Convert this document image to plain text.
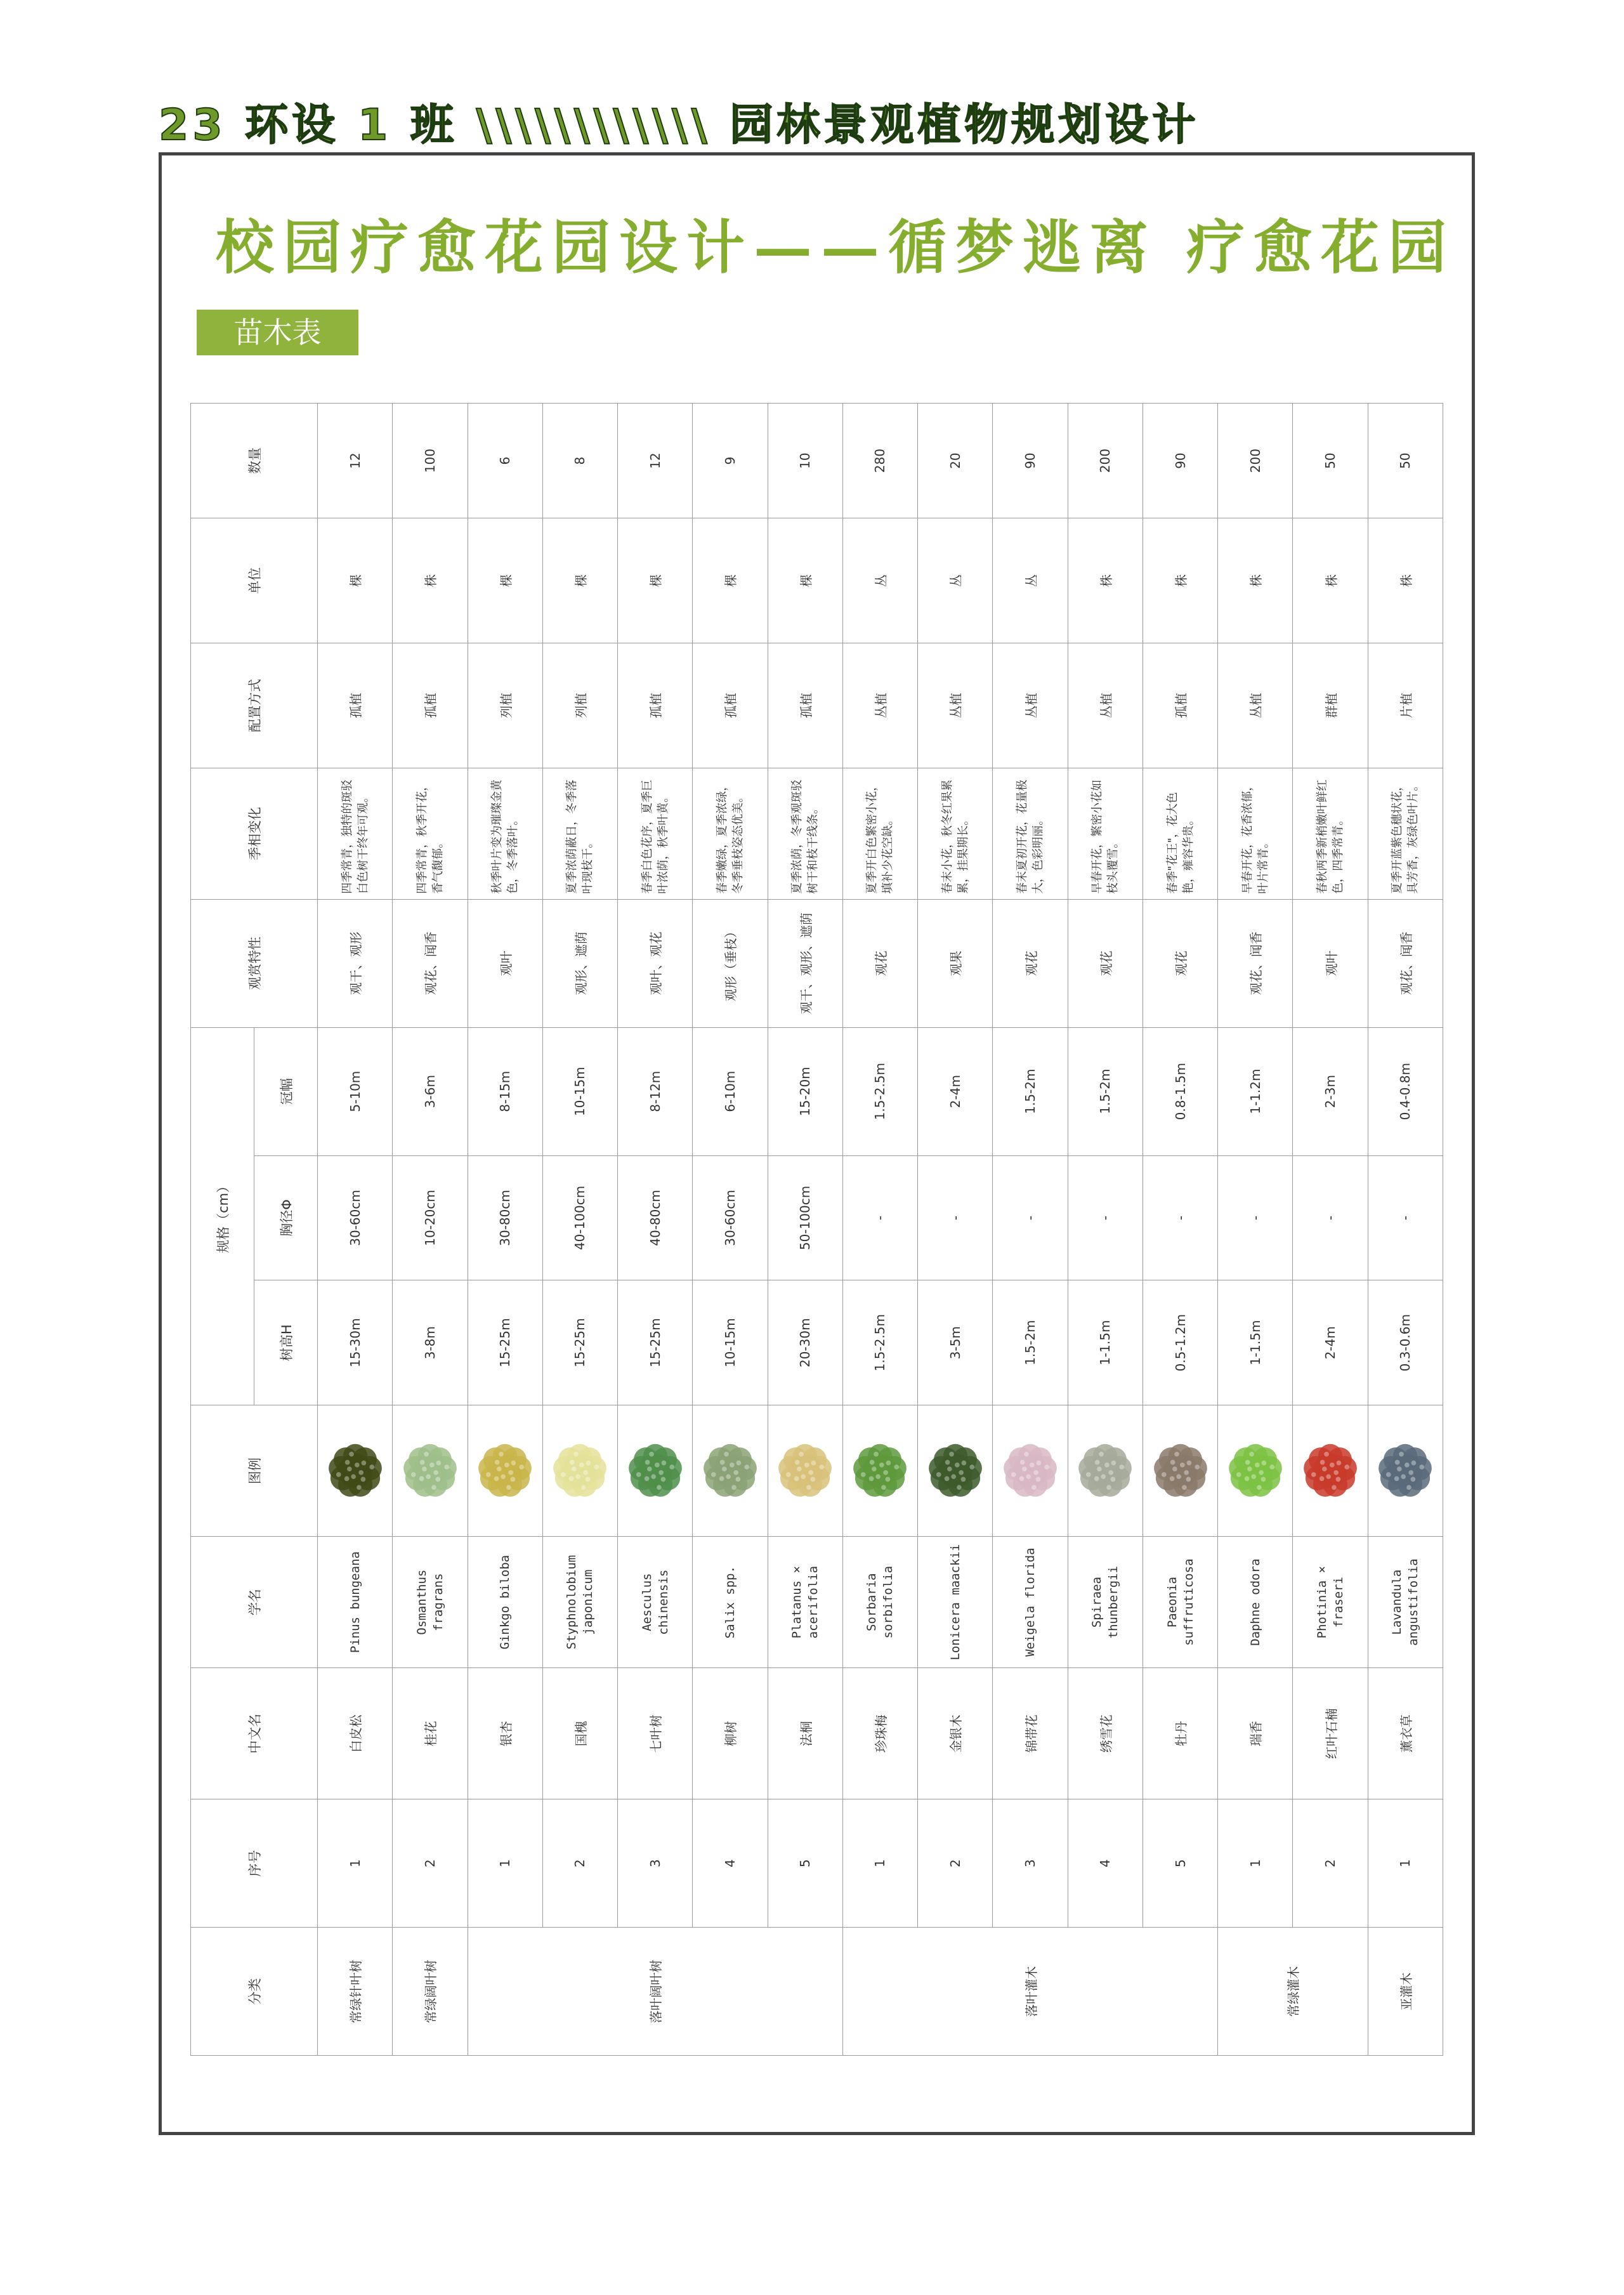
23 环设 1 班 \\\\\\\\\\\\ 园林景观植物规划设计
校园疗愈花园设计——循梦逃离 疗愈花园
苗木表
分类	序号	中文名	学名	图例	规格（cm）			观赏特性	季相变化	配置方式	单位	数量
					树高H	胸径Φ	冠幅					
常绿针叶树	1	白皮松	Pinus bungeana		15-30m	30-60cm	5-10m	观干、观形	四季常青，独特的斑驳白色树干终年可观。	孤植	棵	12
常绿阔叶树	2	桂花	Osmanthus fragrans		3-8m	10-20cm	3-6m	观花、闻香	四季常青，秋季开花，香气馥郁。	孤植	株	100
落叶阔叶树	1	银杏	Ginkgo biloba		15-25m	30-80cm	8-15m	观叶	秋季叶片变为璀璨金黄色，冬季落叶。	列植	棵	6
	2	国槐	Styphnolobium japonicum		15-25m	40-100cm	10-15m	观形、遮荫	夏季浓荫蔽日，冬季落叶现枝干。	列植	棵	8
	3	七叶树	Aesculus chinensis		15-25m	40-80cm	8-12m	观叶、观花	春季白色花序，夏季巨叶浓荫，秋季叶黄。	孤植	棵	12
	4	柳树	Salix spp.		10-15m	30-60cm	6-10m	观形（垂枝）	春季嫩绿，夏季浓绿，冬季垂枝姿态优美。	孤植	棵	9
	5	法桐	Platanus × acerifolia		20-30m	50-100cm	15-20m	观干、观形、遮荫	夏季浓荫，冬季观斑驳树干和枝干线条。	孤植	棵	10
落叶灌木	1	珍珠梅	Sorbaria sorbifolia		1.5-2.5m	-	1.5-2.5m	观花	夏季开白色繁密小花，填补少花空缺。	丛植	丛	280
	2	金银木	Lonicera maackii		3-5m	-	2-4m	观果	春末小花，秋冬红果累累，挂果期长。	丛植	丛	20
	3	锦带花	Weigela florida		1.5-2m	-	1.5-2m	观花	春末夏初开花，花量极大，色彩明丽。	丛植	丛	90
	4	绣雪花	Spiraea thunbergii		1-1.5m	-	1.5-2m	观花	早春开花，繁密小花如枝头覆雪。	丛植	株	200
	5	牡丹	Paeonia suffruticosa		0.5-1.2m	-	0.8-1.5m	观花	春季"花王"，花大色艳，雍容华贵。	孤植	株	90
常绿灌木	1	瑞香	Daphne odora		1-1.5m	-	1-1.2m	观花、闻香	早春开花，花香浓郁，叶片常青。	丛植	株	200
	2	红叶石楠	Photinia × fraseri		2-4m	-	2-3m	观叶	春秋两季新梢嫩叶鲜红色，四季常青。	群植	株	50
亚灌木	1	薰衣草	Lavandula angustifolia		0.3-0.6m	-	0.4-0.8m	观花、闻香	夏季开蓝紫色穗状花，具芳香，灰绿色叶片。	片植	株	50
